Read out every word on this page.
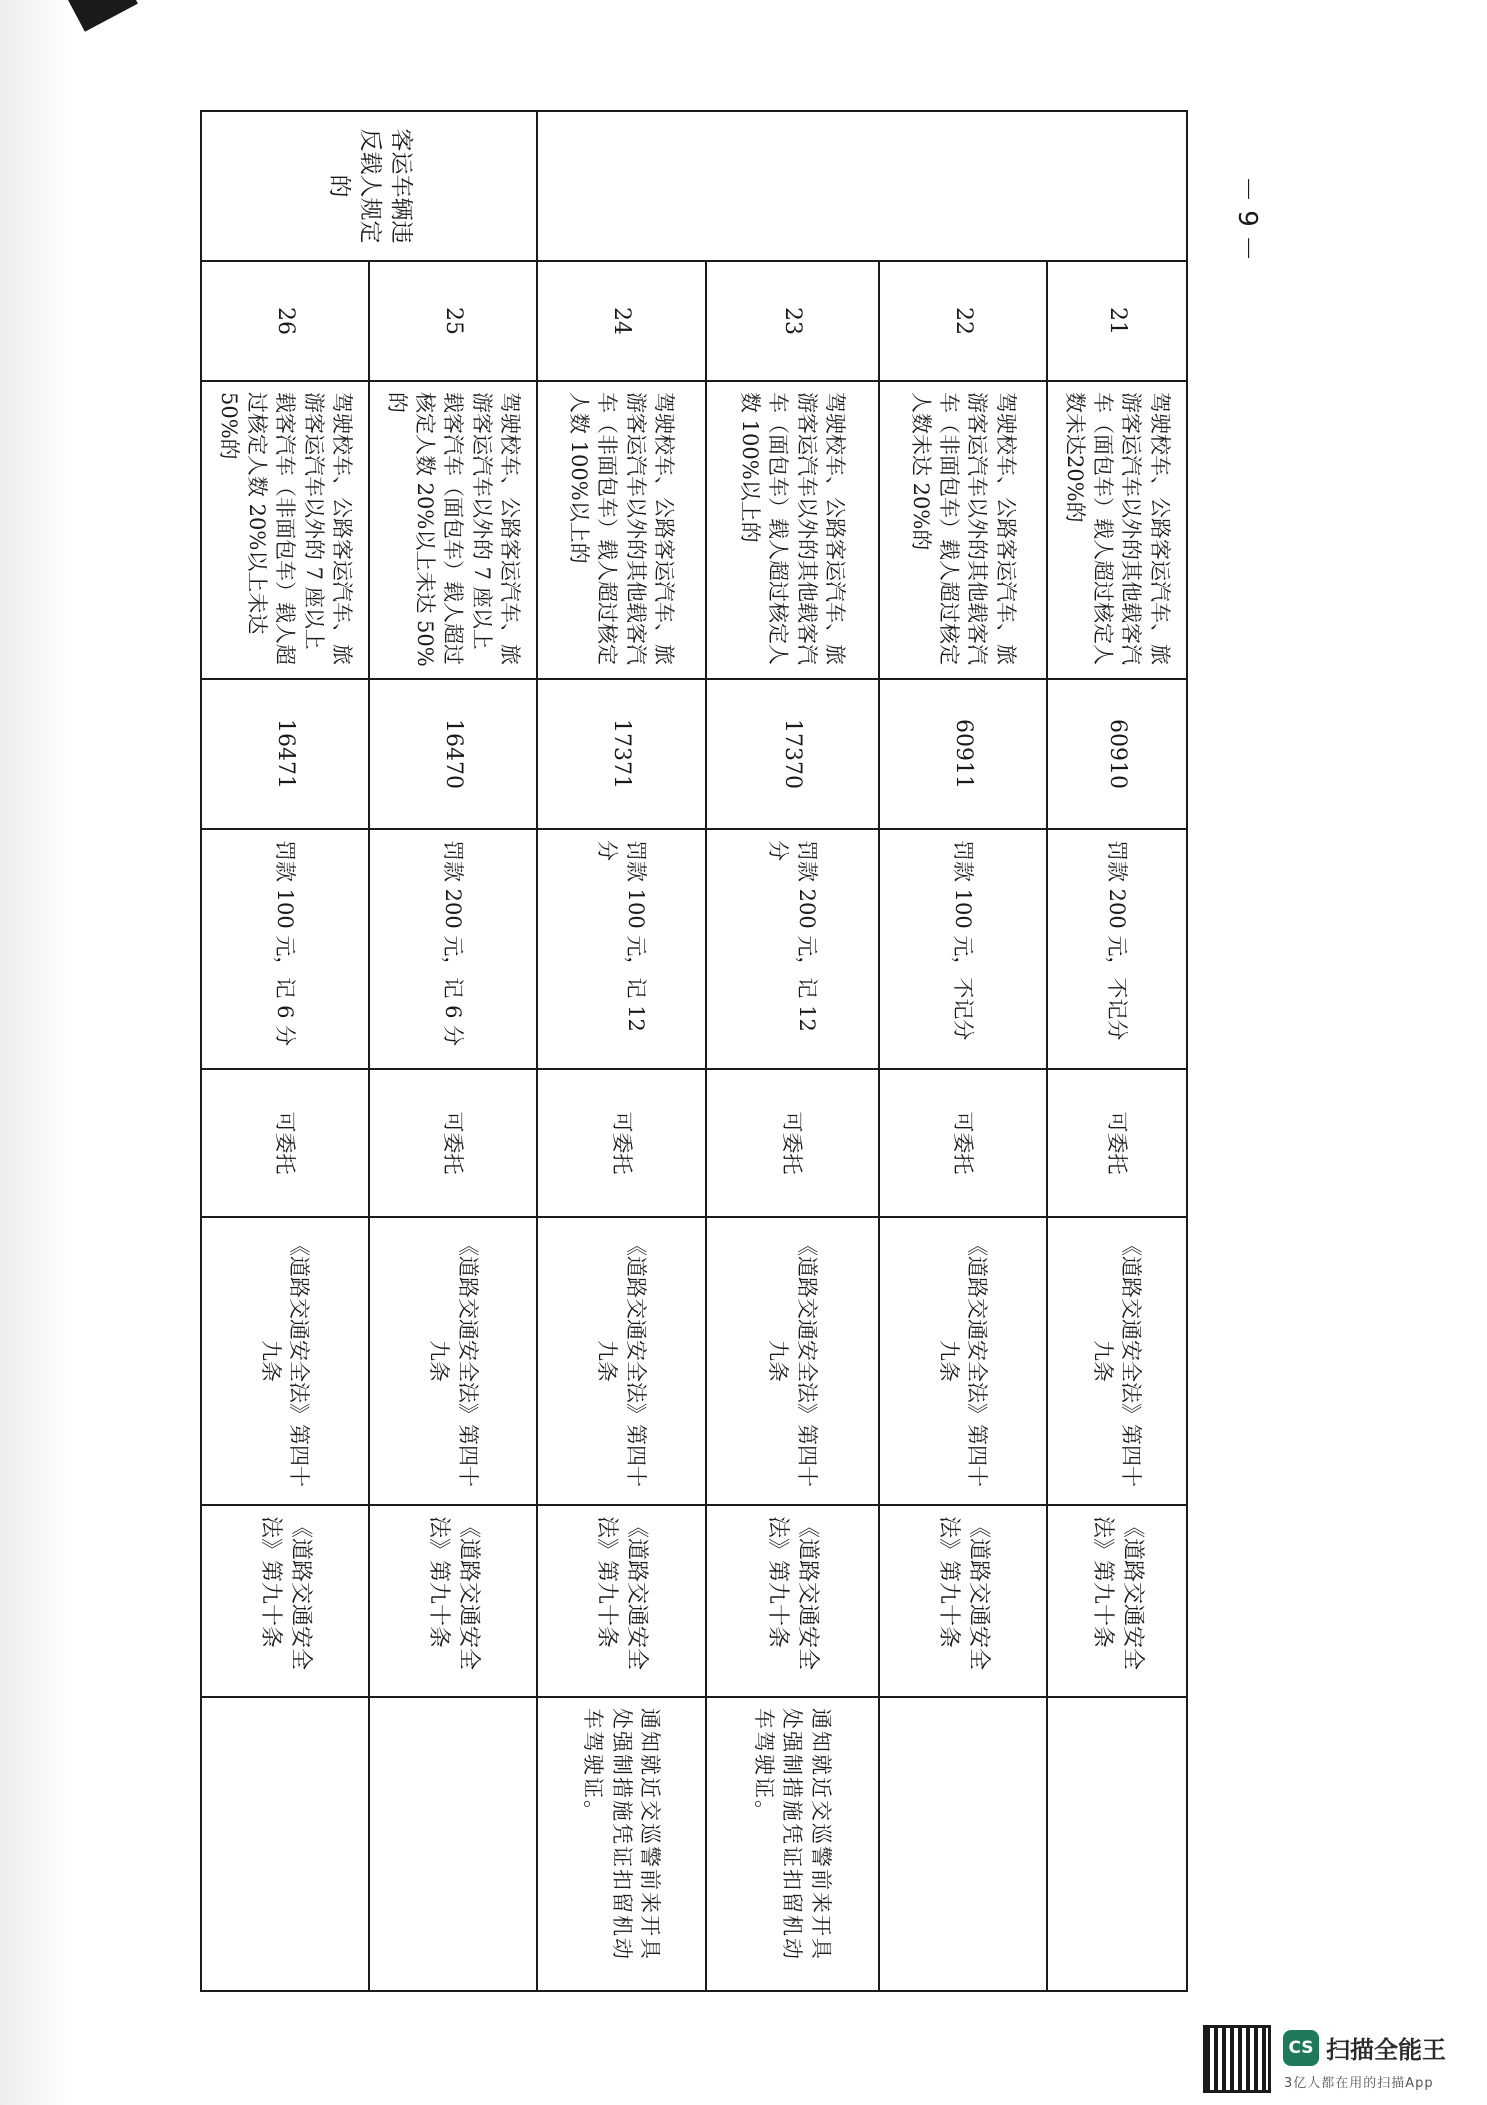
	21	驾驶校车、公路客运汽车、旅游客运汽车以外的其他载客汽车（面包车）载人超过核定人数未达20%的	60910	罚款 200 元，不记分	可委托	《道路交通安全法》第四十九条	《道路交通安全法》第九十条	
	22	驾驶校车、公路客运汽车、旅游客运汽车以外的其他载客汽车（非面包车）载人超过核定人数未达 20%的	60911	罚款 100 元，不记分	可委托	《道路交通安全法》第四十九条	《道路交通安全法》第九十条	
	23	驾驶校车、公路客运汽车、旅游客运汽车以外的其他载客汽车（面包车）载人超过核定人数 100%以上的	17370	罚款 200 元，记 12 分	可委托	《道路交通安全法》第四十九条	《道路交通安全法》第九十条	通知就近交巡警前来开具处强制措施凭证扣留机动车驾驶证。
	24	驾驶校车、公路客运汽车、旅游客运汽车以外的其他载客汽车（非面包车）载人超过核定人数 100%以上的	17371	罚款 100 元，记 12 分	可委托	《道路交通安全法》第四十九条	《道路交通安全法》第九十条	通知就近交巡警前来开具处强制措施凭证扣留机动车驾驶证。
客运车辆违反载人规定的	25	驾驶校车、公路客运汽车、旅游客运汽车以外的 7 座以上载客汽车（面包车）载人超过核定人数 20%以上未达 50%的	16470	罚款 200 元，记 6 分	可委托	《道路交通安全法》第四十九条	《道路交通安全法》第九十条	
	26	驾驶校车、公路客运汽车、旅游客运汽车以外的 7 座以上载客汽车（非面包车）载人超过核定人数 20%以上未达 50%的	16471	罚款 100 元，记 6 分	可委托	《道路交通安全法》第四十九条	《道路交通安全法》第九十条	
－ 9 －
CS 扫描全能王
3亿人都在用的扫描App
